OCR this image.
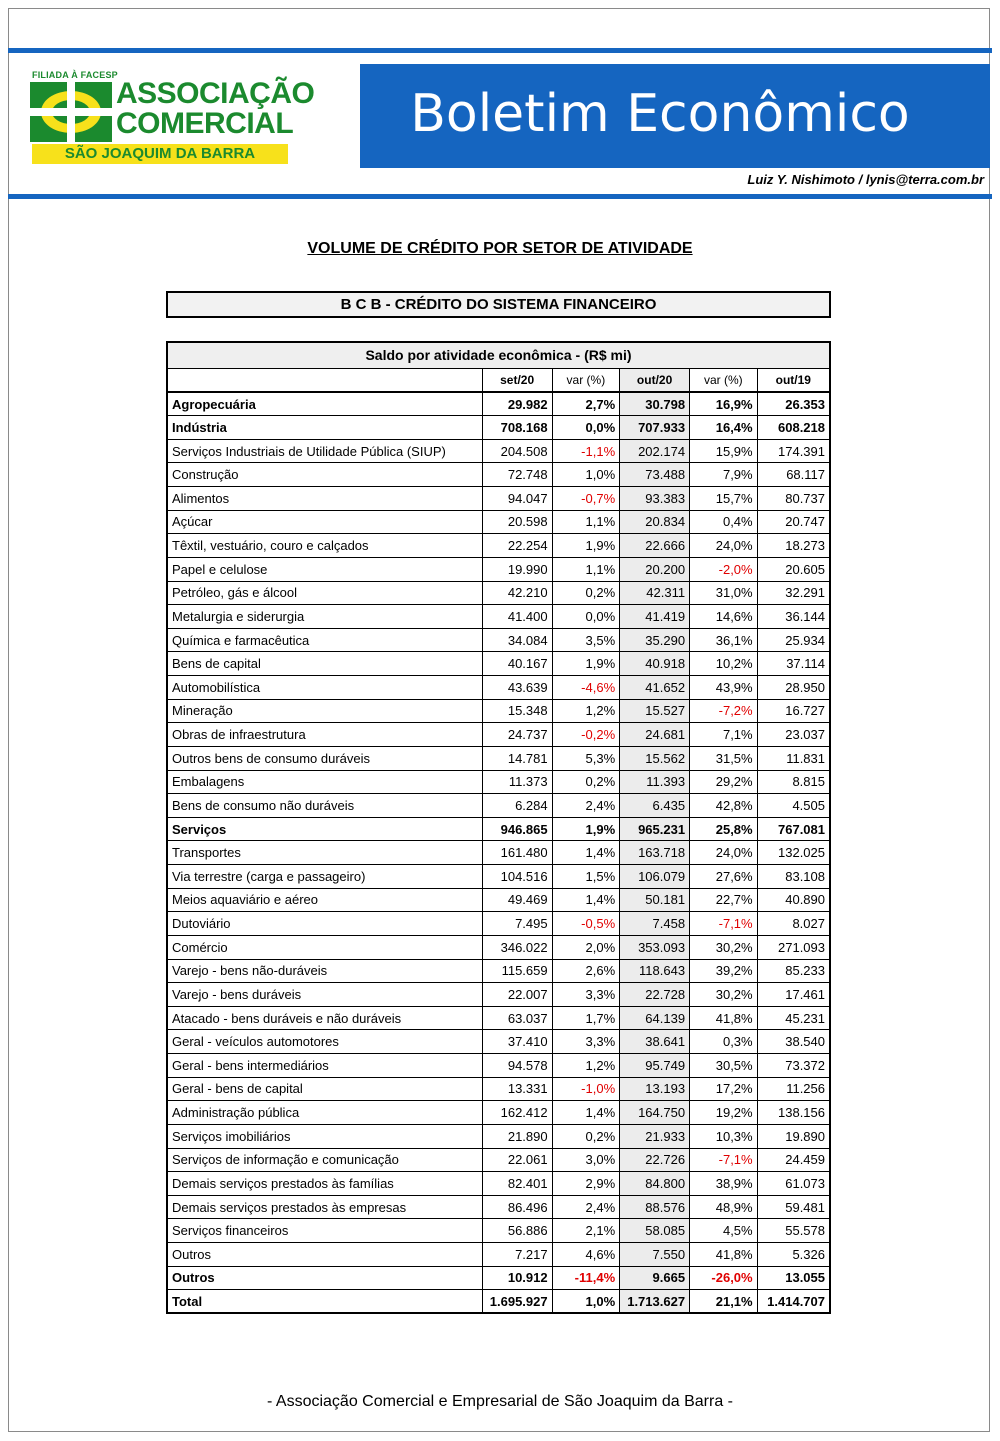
FILIADA À FACESP
ASSOCIAÇÃO
COMERCIAL
SÃO JOAQUIM DA BARRA
Boletim Econômico
Luiz Y. Nishimoto / lynis@terra.com.br
VOLUME DE CRÉDITO POR SETOR DE ATIVIDADE
B C B - CRÉDITO DO SISTEMA FINANCEIRO
Saldo por atividade econômica - (R$ mi)					
	set/20	var (%)	out/20	var (%)	out/19
Agropecuária	29.982	2,7%	30.798	16,9%	26.353
Indústria	708.168	0,0%	707.933	16,4%	608.218
Serviços Industriais de Utilidade Pública (SIUP)	204.508	-1,1%	202.174	15,9%	174.391
Construção	72.748	1,0%	73.488	7,9%	68.117
Alimentos	94.047	-0,7%	93.383	15,7%	80.737
Açúcar	20.598	1,1%	20.834	0,4%	20.747
Têxtil, vestuário, couro e calçados	22.254	1,9%	22.666	24,0%	18.273
Papel e celulose	19.990	1,1%	20.200	-2,0%	20.605
Petróleo, gás e álcool	42.210	0,2%	42.311	31,0%	32.291
Metalurgia e siderurgia	41.400	0,0%	41.419	14,6%	36.144
Química e farmacêutica	34.084	3,5%	35.290	36,1%	25.934
Bens de capital	40.167	1,9%	40.918	10,2%	37.114
Automobilística	43.639	-4,6%	41.652	43,9%	28.950
Mineração	15.348	1,2%	15.527	-7,2%	16.727
Obras de infraestrutura	24.737	-0,2%	24.681	7,1%	23.037
Outros bens de consumo duráveis	14.781	5,3%	15.562	31,5%	11.831
Embalagens	11.373	0,2%	11.393	29,2%	8.815
Bens de consumo não duráveis	6.284	2,4%	6.435	42,8%	4.505
Serviços	946.865	1,9%	965.231	25,8%	767.081
Transportes	161.480	1,4%	163.718	24,0%	132.025
Via terrestre (carga e passageiro)	104.516	1,5%	106.079	27,6%	83.108
Meios aquaviário e aéreo	49.469	1,4%	50.181	22,7%	40.890
Dutoviário	7.495	-0,5%	7.458	-7,1%	8.027
Comércio	346.022	2,0%	353.093	30,2%	271.093
Varejo - bens não-duráveis	115.659	2,6%	118.643	39,2%	85.233
Varejo - bens duráveis	22.007	3,3%	22.728	30,2%	17.461
Atacado - bens duráveis e não duráveis	63.037	1,7%	64.139	41,8%	45.231
Geral - veículos automotores	37.410	3,3%	38.641	0,3%	38.540
Geral - bens intermediários	94.578	1,2%	95.749	30,5%	73.372
Geral - bens de capital	13.331	-1,0%	13.193	17,2%	11.256
Administração pública	162.412	1,4%	164.750	19,2%	138.156
Serviços imobiliários	21.890	0,2%	21.933	10,3%	19.890
Serviços de informação e comunicação	22.061	3,0%	22.726	-7,1%	24.459
Demais serviços prestados às famílias	82.401	2,9%	84.800	38,9%	61.073
Demais serviços prestados às empresas	86.496	2,4%	88.576	48,9%	59.481
Serviços financeiros	56.886	2,1%	58.085	4,5%	55.578
Outros	7.217	4,6%	7.550	41,8%	5.326
Outros	10.912	-11,4%	9.665	-26,0%	13.055
Total	1.695.927	1,0%	1.713.627	21,1%	1.414.707
- Associação Comercial e Empresarial de São Joaquim da Barra -
